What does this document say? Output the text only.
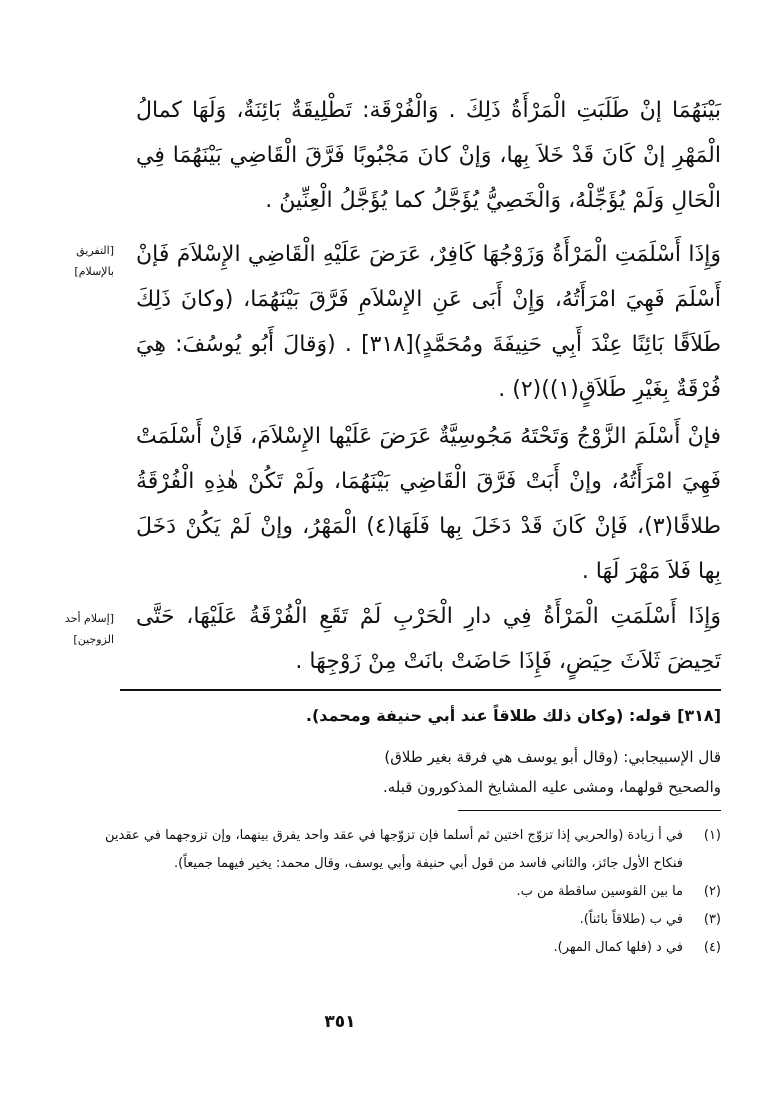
بَيْنَهُمَا إنْ طَلَبَتِ الْمَرْأَةُ ذَلِكَ . وَالْفُرْقَة: تَطْلِيقَةٌ بَائِنَةٌ، وَلَهَا كمالُ الْمَهْرِ إنْ كَانَ قَدْ خَلاَ بِها، وَإنْ كانَ مَجْبُوبًا فَرَّقَ الْقَاضِي بَيْنَهُمَا فِي الْحَالِ وَلَمْ يُؤَجِّلْهُ، وَالْخَصِيُّ يُؤَجَّلُ كما يُؤَجَّلُ الْعِنِّينُ .

وَإِذَا أَسْلَمَتِ الْمَرْأَةُ وَزَوْجُهَا كَافِرٌ، عَرَضَ عَلَيْهِ الْقَاضِي الإِسْلاَمَ فَإنْ أَسْلَمَ فَهِيَ امْرَأَتُهُ، وَإِنْ أَبَى عَنِ الإِسْلاَمِ فَرَّقَ بَيْنَهُمَا، (وكانَ ذَلِكَ طَلاَقًا بَائِنًا عِنْدَ أَبِي حَنِيفَةَ ومُحَمَّدٍ)[٣١٨] . (وَقالَ أَبُو يُوسُفَ: هِيَ فُرْقَةٌ بِغَيْرِ طَلاَقٍ(١))(٢) .

فإنْ أَسْلَمَ الزَّوْجُ وَتَحْتَهُ مَجُوسِيَّةٌ عَرَضَ عَلَيْها الإِسْلاَمَ، فَإنْ أَسْلَمَتْ فَهِيَ امْرَأَتُهُ، وإنْ أَبَتْ فَرَّقَ الْقَاضِي بَيْنَهُمَا، ولَمْ تَكُنْ هٰذِهِ الْفُرْقَةُ طلاقًا(٣)، فَإنْ كَانَ قَدْ دَخَلَ بِها فَلَهَا(٤) الْمَهْرُ، وإنْ لَمْ يَكُنْ دَخَلَ بِها فَلاَ مَهْرَ لَهَا .

وَإِذَا أَسْلَمَتِ الْمَرْأَةُ فِي دارِ الْحَرْبِ لَمْ تَقَعِ الْفُرْقَةُ عَلَيْهَا، حَتَّى تَحِيضَ ثَلاَثَ حِيَضٍ، فَإِذَا حَاضَتْ بانَتْ مِنْ زَوْجِهَا .

[التفريق
بالإسلام]
[إسلام أحد
الزوجين]
[٣١٨] قوله: (وكان ذلك طلاقاً عند أبي حنيفة ومحمد).
قال الإسبيجابي: (وقال أبو يوسف هي فرقة بغير طلاق)
والصحيح قولهما، ومشى عليه المشايخ المذكورون قبله.
(١)
في أ زيادة (والحربي إذا تزوّج اختين ثم أسلما فإن تزوّجها في عقد واحد يفرق بينهما، وإن تزوجهما في عقدين فنكاح الأول جائز، والثاني فاسد من قول أبي حنيفة وأبي يوسف، وقال محمد: يخير فيهما جميعاً).
(٢)
ما بين القوسين ساقطة من ب.
(٣)
في ب (طلاقاً بائناً).
(٤)
في د (فلها كمال المهر).
٣٥١
